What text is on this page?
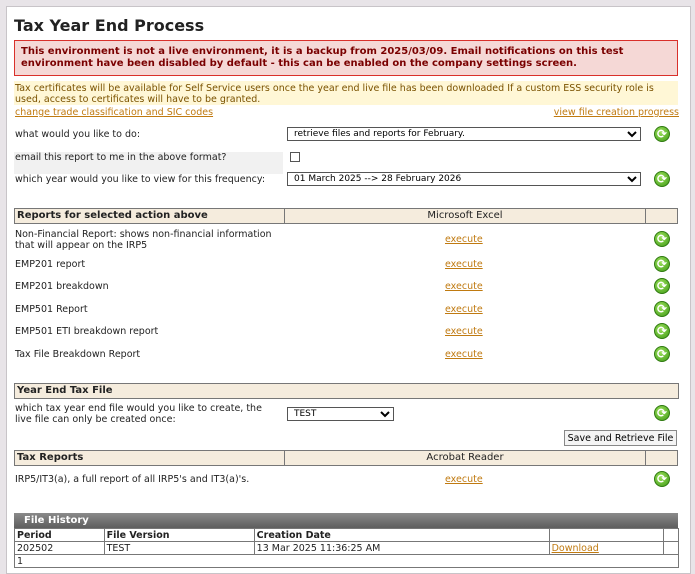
Tax Year End Process
This environment is not a live environment, it is a backup from 2025/03/09. Email notifications on this test environment have been disabled by default - this can be enabled on the company settings screen.
Tax certificates will be available for Self Service users once the year end live file has been downloaded If a custom ESS security role is used, access to certificates will have to be granted.
change trade classification and SIC codes	view file creation progress
what would you like to do:
retrieve files and reports for February.
⟳
email this report to me in the above format?
which year would you like to view for this frequency:
01 March 2025 --> 28 February 2026
⟳
Reports for selected action above	Microsoft Excel
Non-Financial Report: shows non-financial information that will appear on the IRP5
execute
⟳
EMP201 report	execute
⟳
EMP201 breakdown	execute
⟳
EMP501 Report	execute
⟳
EMP501 ETI breakdown report	execute
⟳
Tax File Breakdown Report	execute
⟳
Year End Tax File
which tax year end file would you like to create, the live file can only be created once:
TEST
⟳
Save and Retrieve File
Tax Reports	Acrobat Reader
IRP5/IT3(a), a full report of all IRP5's and IT3(a)'s.	execute
⟳
File History
Period	File Version	Creation Date		
202502	TEST	13 Mar 2025 11:36:25 AM	Download	
1				
